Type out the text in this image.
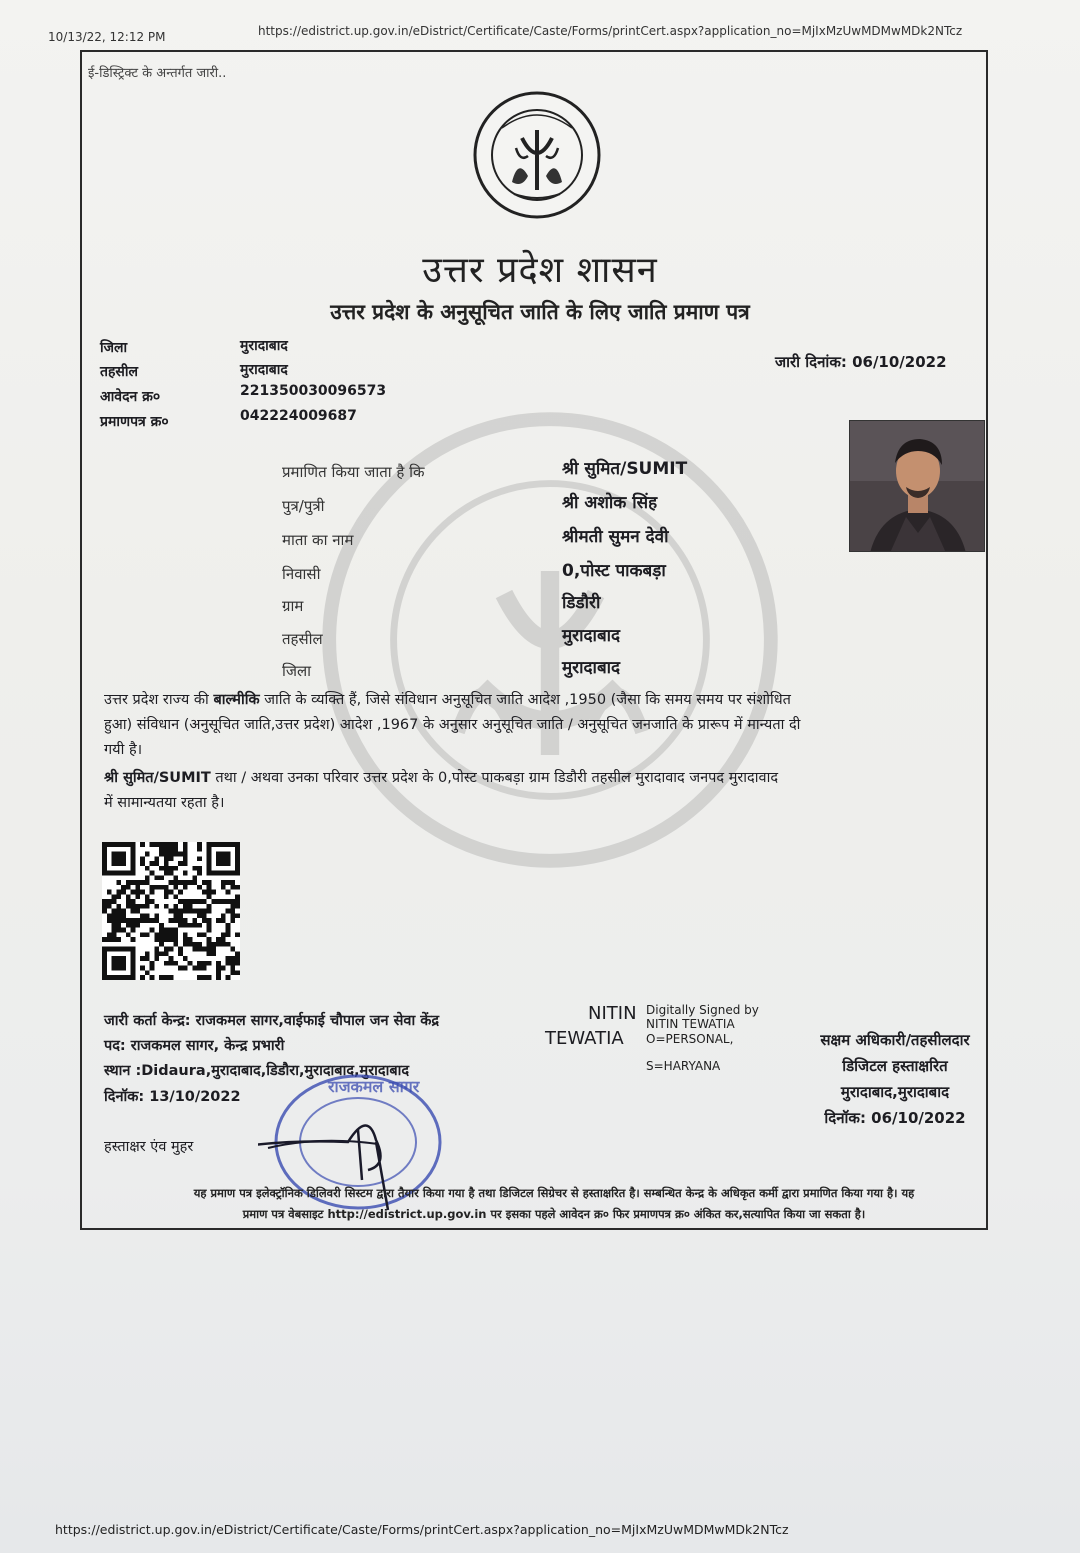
10/13/22, 12:12 PM	https://edistrict.up.gov.in/eDistrict/Certificate/Caste/Forms/printCert.aspx?application_no=MjIxMzUwMDMwMDk2NTcz
ई-डिस्ट्रिक्ट के अन्तर्गत जारी..
उत्तर प्रदेश शासन
उत्तर प्रदेश के अनुसूचित जाति के लिए जाति प्रमाण पत्र
जिला	मुरादाबाद
तहसील	मुरादाबाद
आवेदन क्र०	221350030096573
प्रमाणपत्र क्र०	042224009687
जारी दिनांक: 06/10/2022
प्रमाणित किया जाता है कि	श्री सुमित/SUMIT
पुत्र/पुत्री	श्री अशोक सिंह
माता का नाम	श्रीमती सुमन देवी
निवासी	0,पोस्ट पाकबड़ा
ग्राम	डिडौरी
तहसील	मुरादाबाद
जिला	मुरादाबाद
उत्तर प्रदेश राज्य की बाल्मीकि जाति के व्यक्ति हैं, जिसे संविधान अनुसूचित जाति आदेश ,1950 (जैसा कि समय समय पर संशोधित
हुआ) संविधान (अनुसूचित जाति,उत्तर प्रदेश) आदेश ,1967 के अनुसार अनुसूचित जाति / अनुसूचित जनजाति के प्रारूप में मान्यता दी
गयी है।
श्री सुमित/SUMIT तथा / अथवा उनका परिवार उत्तर प्रदेश के 0,पोस्ट पाकबड़ा ग्राम डिडौरी तहसील मुरादावाद जनपद मुरादावाद
में सामान्यतया रहता है।
जारी कर्ता केन्द्र: राजकमल सागर,वाईफाई चौपाल जन सेवा केंद्र
पद: राजकमल सागर, केन्द्र प्रभारी
स्थान :Didaura,मुरादाबाद,डिडौरा,मुरादाबाद,मुरादाबाद
दिनॉक: 13/10/2022
हस्ताक्षर एंव मुहर
NITIN
TEWATIA
Digitally Signed by
NITIN TEWATIA
O=PERSONAL,
S=HARYANA
सक्षम अधिकारी/तहसीलदार
डिजिटल हस्ताक्षरित
मुरादाबाद,मुरादाबाद
दिनॉक: 06/10/2022
राजकमल सागर
यह प्रमाण पत्र इलेक्ट्रॉनिक डिलिवरी सिस्टम द्वारा तैयार किया गया है तथा डिजिटल सिग्रेचर से हस्ताक्षरित है। सम्बन्धित केन्द्र के अधिकृत कर्मी द्वारा प्रमाणित किया गया है। यह
प्रमाण पत्र वेबसाइट http://edistrict.up.gov.in पर इसका पहले आवेदन क्र० फिर प्रमाणपत्र क्र० अंकित कर,सत्यापित किया जा सकता है।
https://edistrict.up.gov.in/eDistrict/Certificate/Caste/Forms/printCert.aspx?application_no=MjIxMzUwMDMwMDk2NTcz
